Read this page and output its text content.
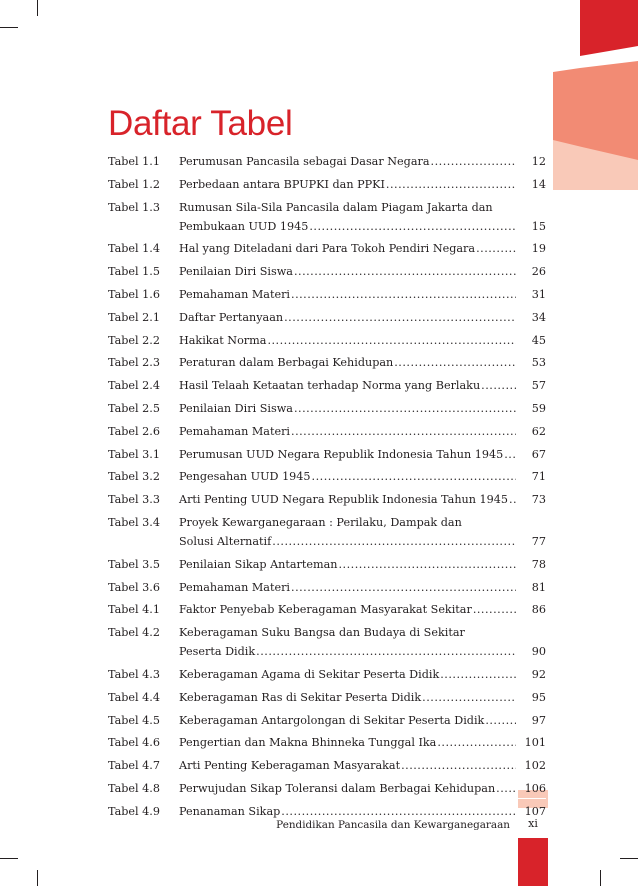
Daftar Tabel
Tabel 1.1	Perumusan Pancasila sebagai Dasar Negara .....	12
Tabel 1.2	Perbedaan antara BPUPKI dan PPKI .....	14
Tabel 1.3	Rumusan Sila-Sila Pancasila dalam Piagam Jakarta dan
Pembukaan UUD 1945 .....	15
Tabel 1.4	Hal yang Diteladani dari Para Tokoh Pendiri Negara .....	19
Tabel 1.5	Penilaian Diri Siswa .....	26
Tabel 1.6	Pemahaman Materi .....	31
Tabel 2.1	Daftar Pertanyaan .....	34
Tabel 2.2	Hakikat Norma .....	45
Tabel 2.3	Peraturan dalam Berbagai Kehidupan .....	53
Tabel 2.4	Hasil Telaah Ketaatan terhadap Norma yang Berlaku .....	57
Tabel 2.5	Penilaian Diri Siswa .....	59
Tabel 2.6	Pemahaman Materi .....	62
Tabel 3.1	Perumusan UUD Negara Republik Indonesia Tahun 1945 .....	67
Tabel 3.2	Pengesahan UUD 1945 .....	71
Tabel 3.3	Arti Penting UUD Negara Republik Indonesia Tahun 1945 .....	73
Tabel 3.4	Proyek Kewarganegaraan : Perilaku, Dampak dan
Solusi Alternatif .....	77
Tabel 3.5	Penilaian Sikap Antarteman .....	78
Tabel 3.6	Pemahaman Materi .....	81
Tabel 4.1	Faktor Penyebab Keberagaman Masyarakat Sekitar .....	86
Tabel 4.2	Keberagaman Suku Bangsa dan Budaya di Sekitar
Peserta Didik .....	90
Tabel 4.3	Keberagaman Agama di Sekitar Peserta Didik .....	92
Tabel 4.4	Keberagaman Ras di Sekitar Peserta Didik .....	95
Tabel 4.5	Keberagaman Antargolongan di Sekitar Peserta Didik .....	97
Tabel 4.6	Pengertian dan Makna Bhinneka Tunggal Ika .....	101
Tabel 4.7	Arti Penting Keberagaman Masyarakat .....	102
Tabel 4.8	Perwujudan Sikap Toleransi dalam Berbagai Kehidupan .....	106
Tabel 4.9	Penanaman Sikap .....	107
Pendidikan Pancasila dan Kewarganegaraan	xi
